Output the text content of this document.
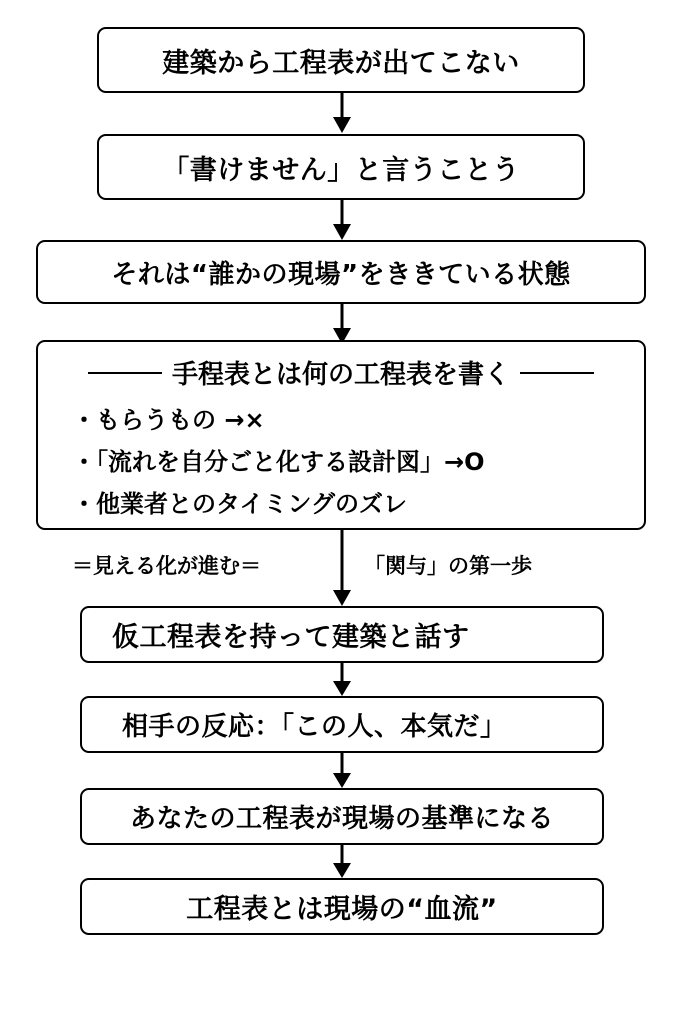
建築から工程表が出てこない
「書けません」と言うことう
それは“誰かの現場”をききている状態
手程表とは何の工程表を書く
・もらうもの →×
・「流れを自分ごと化する設計図」→O
・他業者とのタイミングのズレ
＝見える化が進む＝	「関与」の第一歩
仮工程表を持って建築と話す
相手の反応：「この人、本気だ」
あなたの工程表が現場の基準になる
工程表とは現場の“血流”
